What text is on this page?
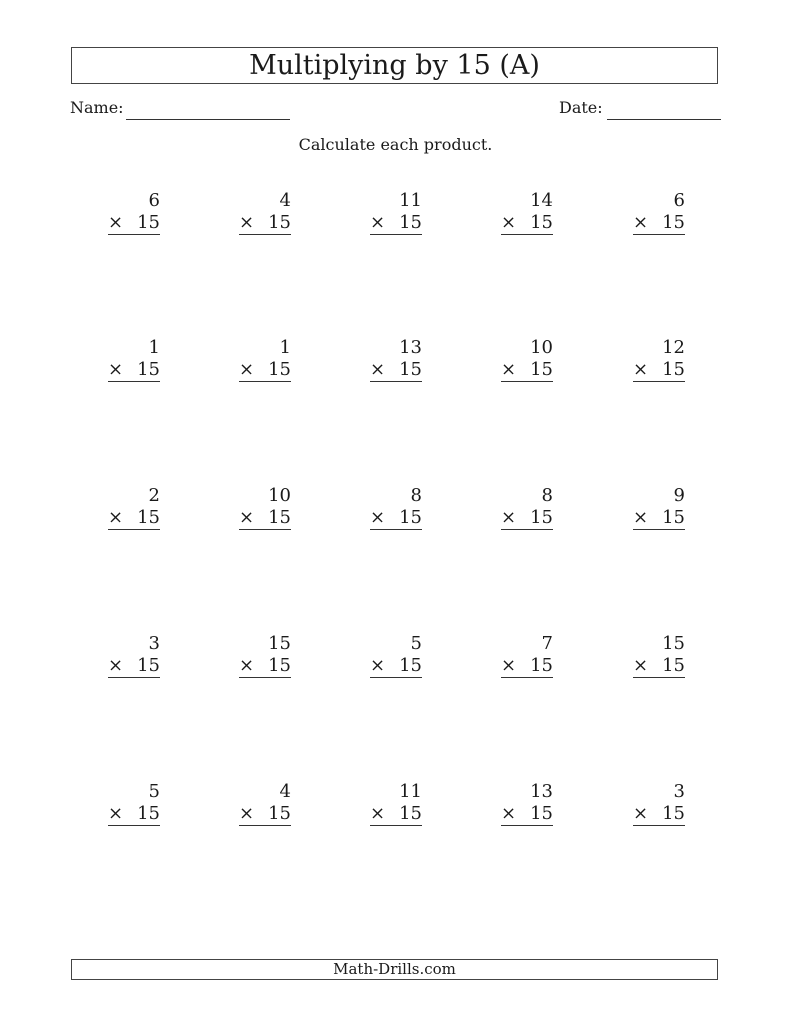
Multiplying by 15 (A)
Name:	Date:
Calculate each product.
6
× 15
4
× 15
11
× 15
14
× 15
6
× 15
1
× 15
1
× 15
13
× 15
10
× 15
12
× 15
2
× 15
10
× 15
8
× 15
8
× 15
9
× 15
3
× 15
15
× 15
5
× 15
7
× 15
15
× 15
5
× 15
4
× 15
11
× 15
13
× 15
3
× 15
Math-Drills.com
